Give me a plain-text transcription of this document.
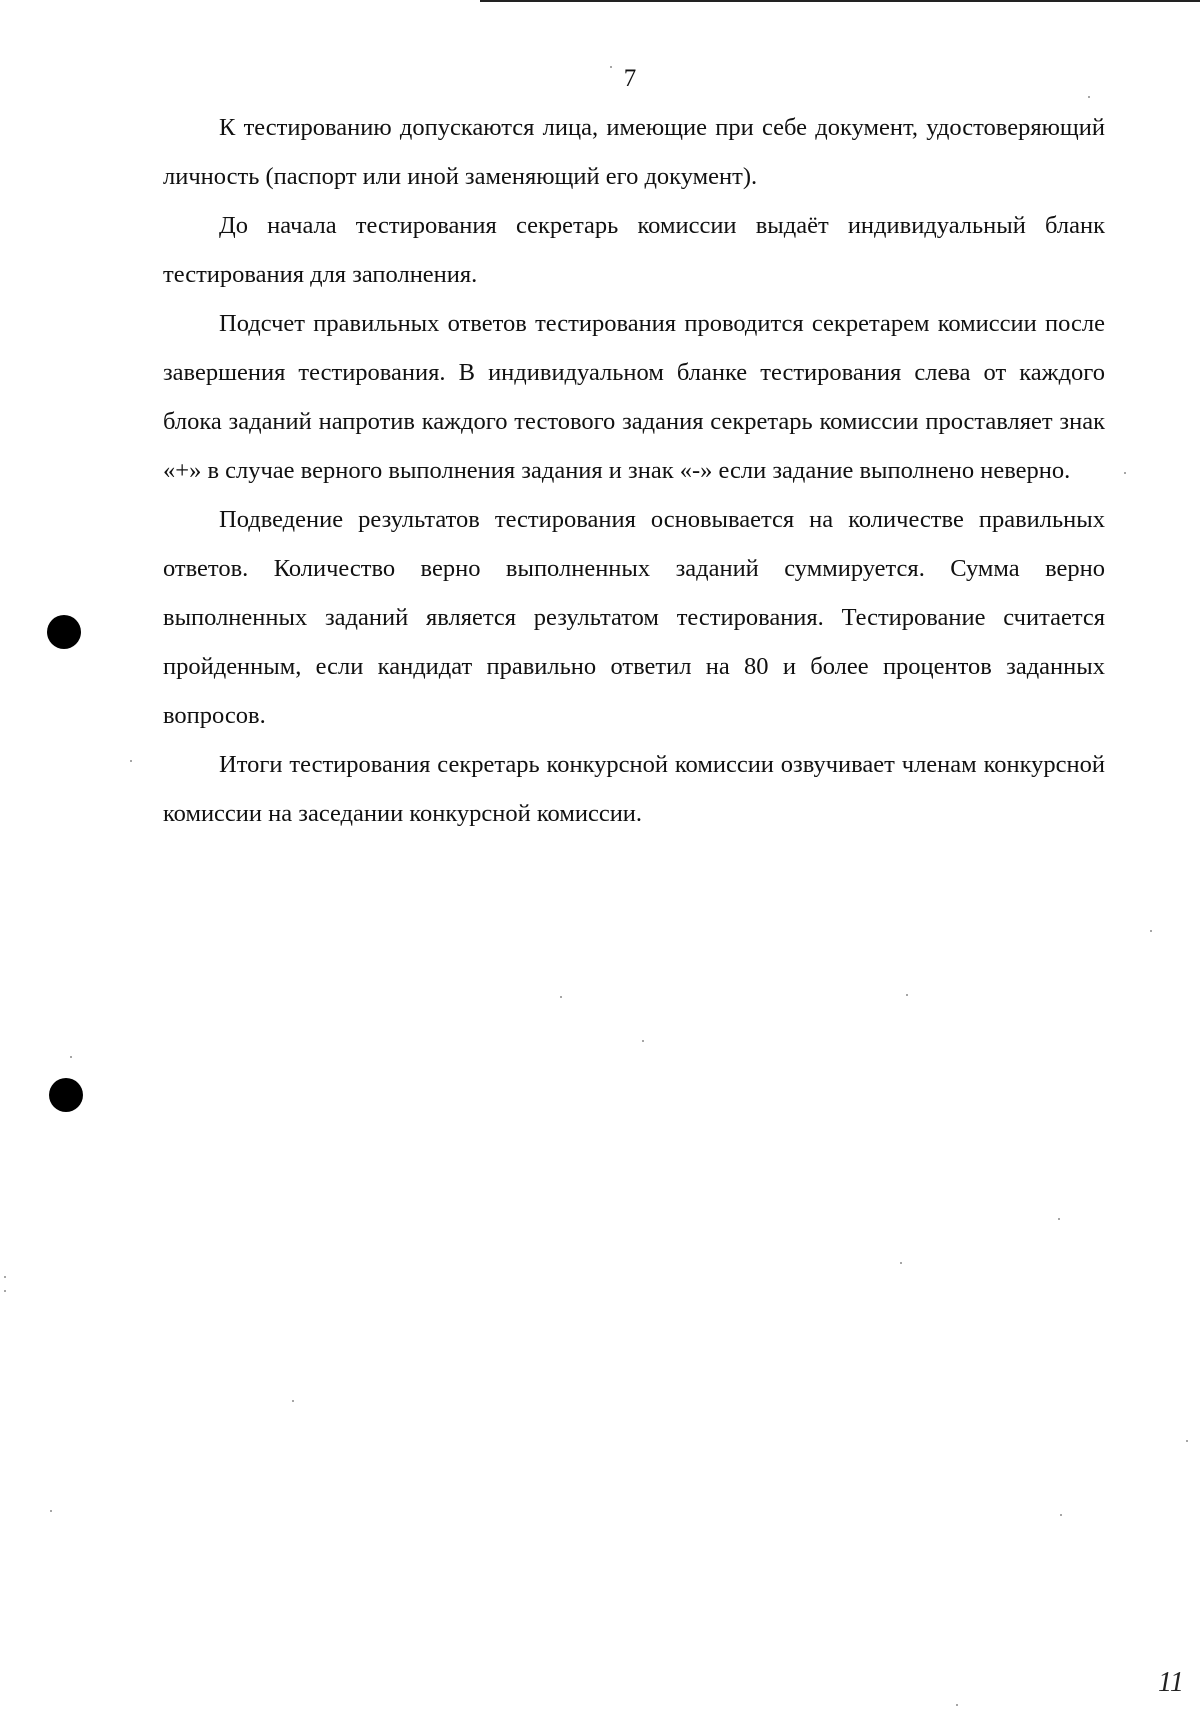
7

К тестированию допускаются лица, имеющие при себе документ, удостоверяющий личность (паспорт или иной заменяющий его документ).

До начала тестирования секретарь комиссии выдаёт индивидуальный бланк тестирования для заполнения.

Подсчет правильных ответов тестирования проводится секретарем комиссии после завершения тестирования. В индивидуальном бланке тестирования слева от каждого блока заданий напротив каждого тестового задания секретарь комиссии проставляет знак «+» в случае верного выполнения задания и знак «-» если задание выполнено неверно.

Подведение результатов тестирования основывается на количестве правильных ответов. Количество верно выполненных заданий суммируется. Сумма верно выполненных заданий является результатом тестирования. Тестирование считается пройденным, если кандидат правильно ответил на 80 и более процентов заданных вопросов.

Итоги тестирования секретарь конкурсной комиссии озвучивает членам конкурсной комиссии на заседании конкурсной комиссии.

11
